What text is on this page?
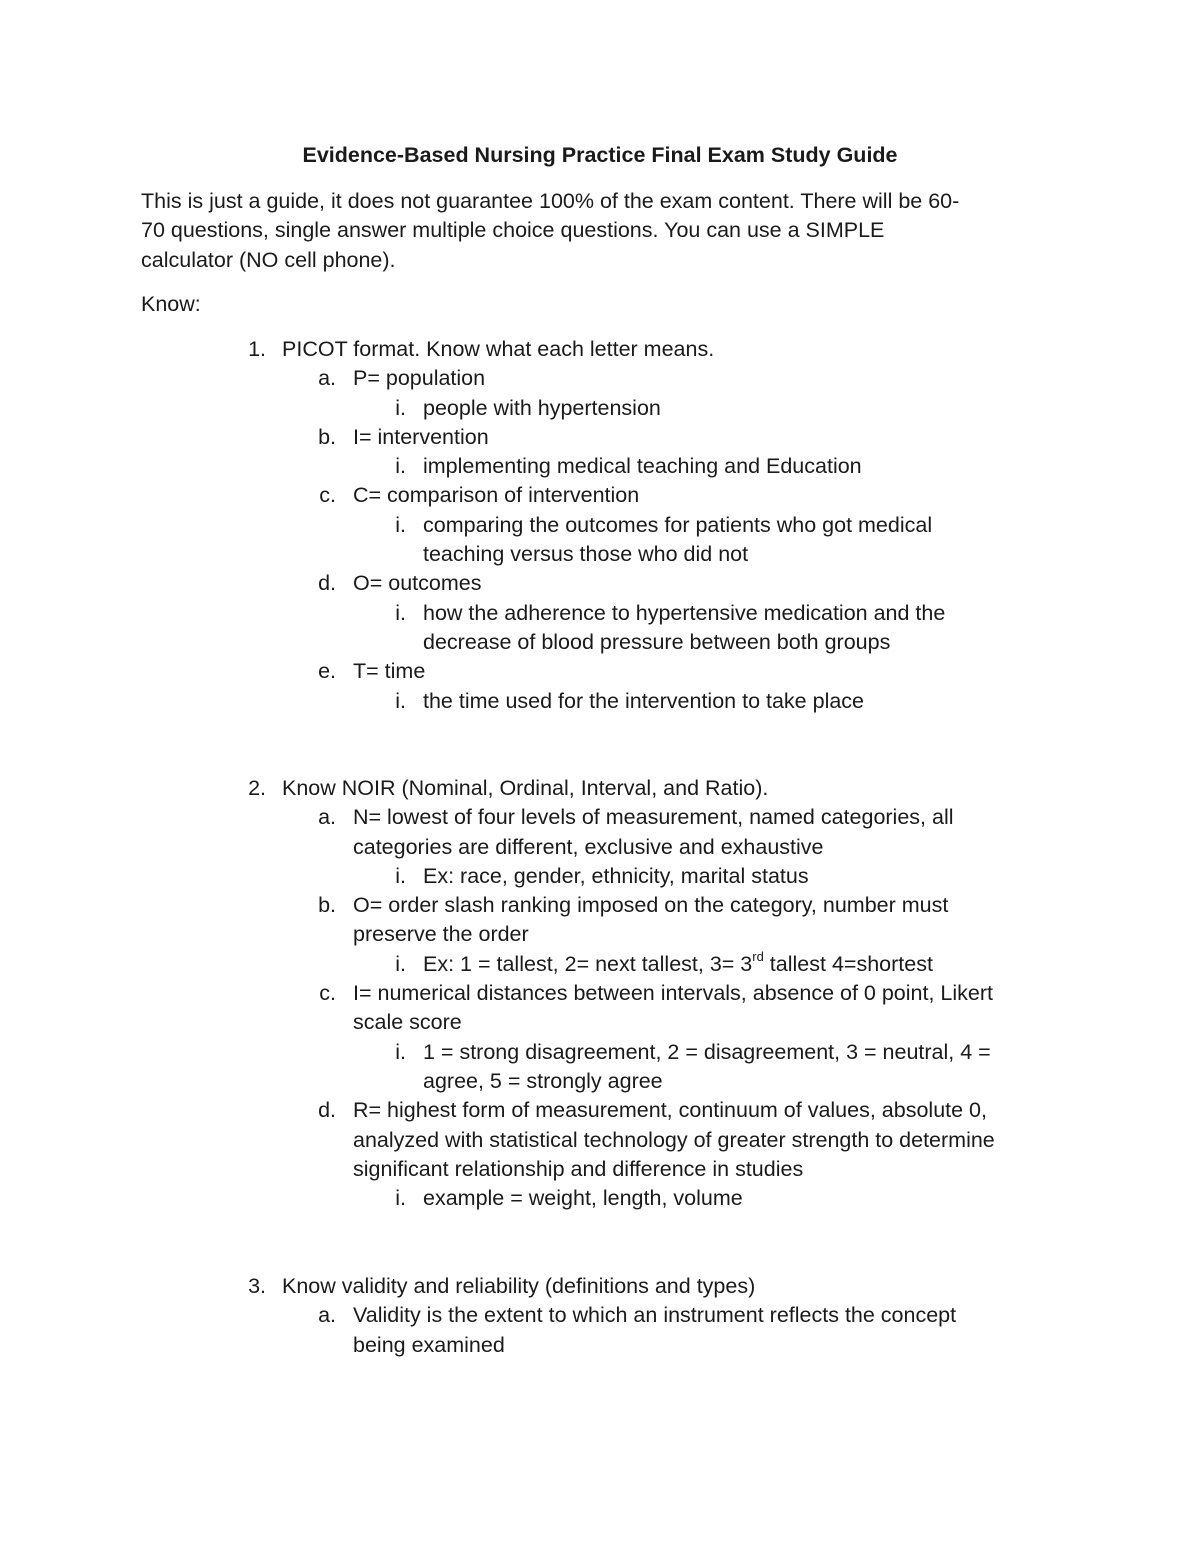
Evidence-Based Nursing Practice Final Exam Study Guide
This is just a guide, it does not guarantee 100% of the exam content. There will be 60-
70 questions, single answer multiple choice questions. You can use a SIMPLE
calculator (NO cell phone).
Know:
1. PICOT format. Know what each letter means.
a. P= population
i. people with hypertension
b. I= intervention
i. implementing medical teaching and Education
c. C= comparison of intervention
i. comparing the outcomes for patients who got medical
teaching versus those who did not
d. O= outcomes
i. how the adherence to hypertensive medication and the
decrease of blood pressure between both groups
e. T= time
i. the time used for the intervention to take place
2. Know NOIR (Nominal, Ordinal, Interval, and Ratio).
a. N= lowest of four levels of measurement, named categories, all
categories are different, exclusive and exhaustive
i. Ex: race, gender, ethnicity, marital status
b. O= order slash ranking imposed on the category, number must
preserve the order
i. Ex: 1 = tallest, 2= next tallest, 3= 3rd tallest 4=shortest
c. I= numerical distances between intervals, absence of 0 point, Likert
scale score
i. 1 = strong disagreement, 2 = disagreement, 3 = neutral, 4 =
agree, 5 = strongly agree
d. R= highest form of measurement, continuum of values, absolute 0,
analyzed with statistical technology of greater strength to determine
significant relationship and difference in studies
i. example = weight, length, volume
3. Know validity and reliability (definitions and types)
a. Validity is the extent to which an instrument reflects the concept
being examined
